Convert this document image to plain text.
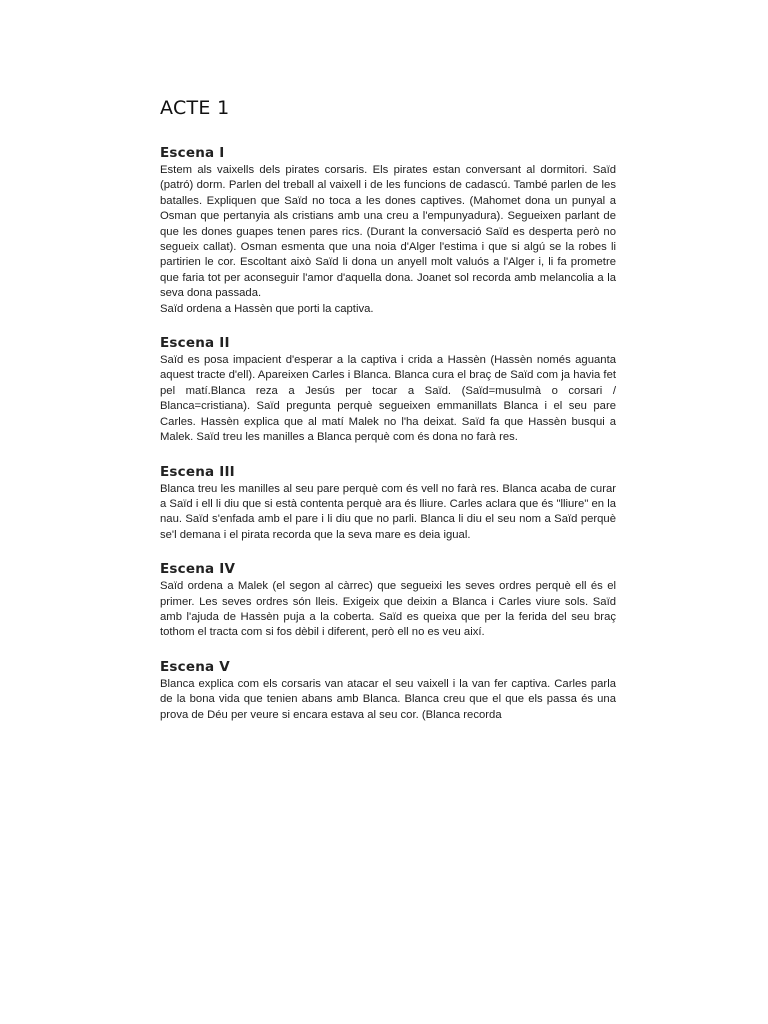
ACTE 1
Escena I

Estem als vaixells dels pirates corsaris. Els pirates estan conversant al dormitori. Saïd (patró) dorm. Parlen del treball al vaixell i de les funcions de cadascú. També parlen de les batalles. Expliquen que Saïd no toca a les dones captives. (Mahomet dona un punyal a Osman que pertanyia als cristians amb una creu a l'empunyadura). Segueixen parlant de que les dones guapes tenen pares rics. (Durant la conversació Saïd es desperta però no segueix callat). Osman esmenta que una noia d'Alger l'estima i que si algú se la robes li partirien le cor. Escoltant això Saïd li dona un anyell molt valuós a l'Alger i, li fa prometre que faria tot per aconseguir l'amor d'aquella dona. Joanet sol recorda amb melancolia a la seva dona passada.
Saïd ordena a Hassèn que porti la captiva.

Escena II

Saïd es posa impacient d'esperar a la captiva i crida a Hassèn (Hassèn només aguanta aquest tracte d'ell). Apareixen Carles i Blanca. Blanca cura el braç de Saïd com ja havia fet pel matí.Blanca reza a Jesús per tocar a Saïd. (Saïd=musulmà o corsari / Blanca=cristiana). Saïd pregunta perquè segueixen emmanillats Blanca i el seu pare Carles. Hassèn explica que al matí Malek no l'ha deixat. Saïd fa que Hassèn busqui a Malek. Saïd treu les manilles a Blanca perquè com és dona no farà res.

Escena III

Blanca treu les manilles al seu pare perquè com és vell no farà res. Blanca acaba de curar a Saïd i ell li diu que si està contenta perquè ara és lliure. Carles aclara que és "lliure" en la nau. Saïd s'enfada amb el pare i li diu que no parli. Blanca li diu el seu nom a Saïd perquè se'l demana i el pirata recorda que la seva mare es deia igual.

Escena IV

Saïd ordena a Malek (el segon al càrrec) que segueixi les seves ordres perquè ell és el primer. Les seves ordres són lleis. Exigeix que deixin a Blanca i Carles viure sols. Saïd amb l'ajuda de Hassèn puja a la coberta. Saïd es queixa que per la ferida del seu braç tothom el tracta com si fos dèbil i diferent, però ell no es veu així.

Escena V

Blanca explica com els corsaris van atacar el seu vaixell i la van fer captiva. Carles parla de la bona vida que tenien abans amb Blanca. Blanca creu que el que els passa és una prova de Déu per veure si encara estava al seu cor. (Blanca recorda
